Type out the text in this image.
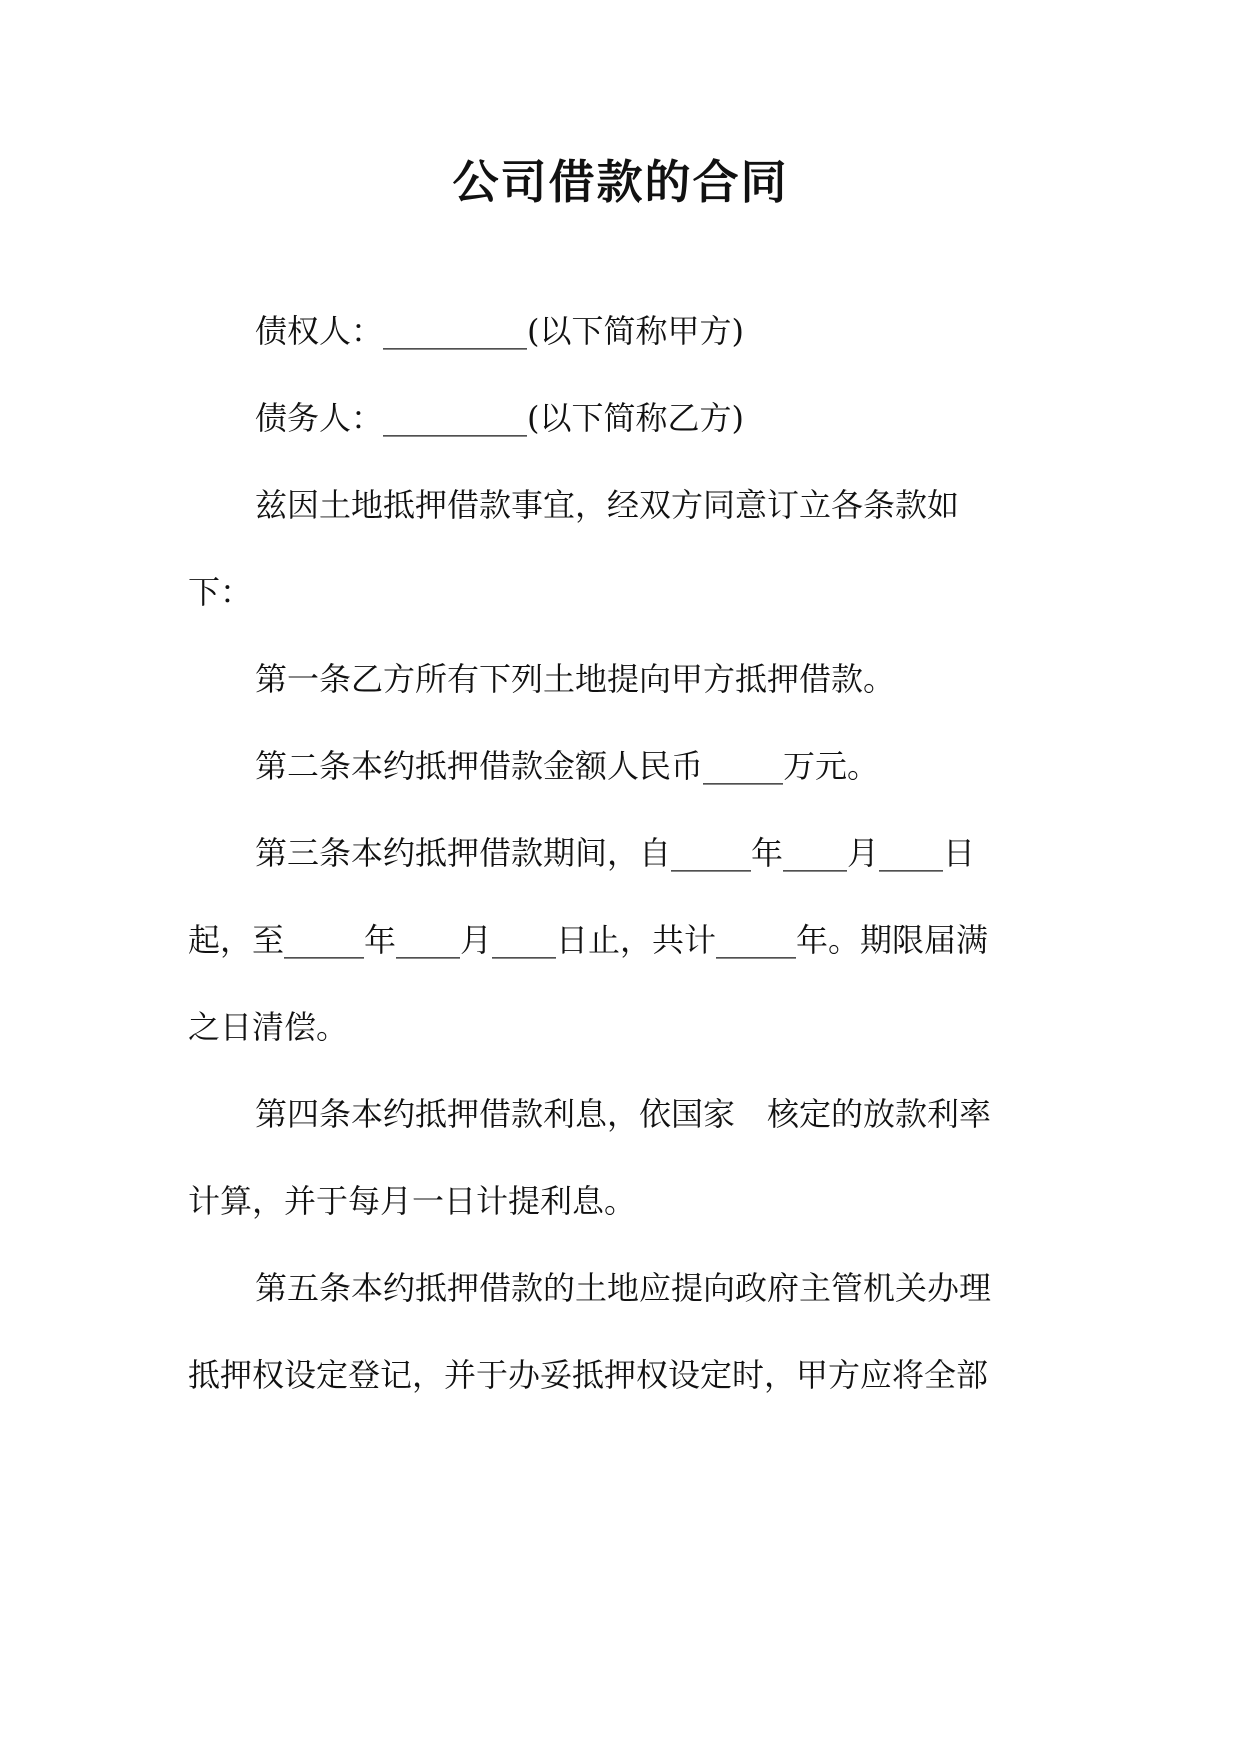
公司借款的合同

债权人：_________(以下简称甲方)

债务人：_________(以下简称乙方)

兹因土地抵押借款事宜，经双方同意订立各条款如

下：

第一条乙方所有下列土地提向甲方抵押借款。

第二条本约抵押借款金额人民币_____万元。

第三条本约抵押借款期间，自_____年____月____日

起，至_____年____月____日止，共计_____年。期限届满

之日清偿。

第四条本约抵押借款利息，依国家　核定的放款利率

计算，并于每月一日计提利息。

第五条本约抵押借款的土地应提向政府主管机关办理

抵押权设定登记，并于办妥抵押权设定时，甲方应将全部
